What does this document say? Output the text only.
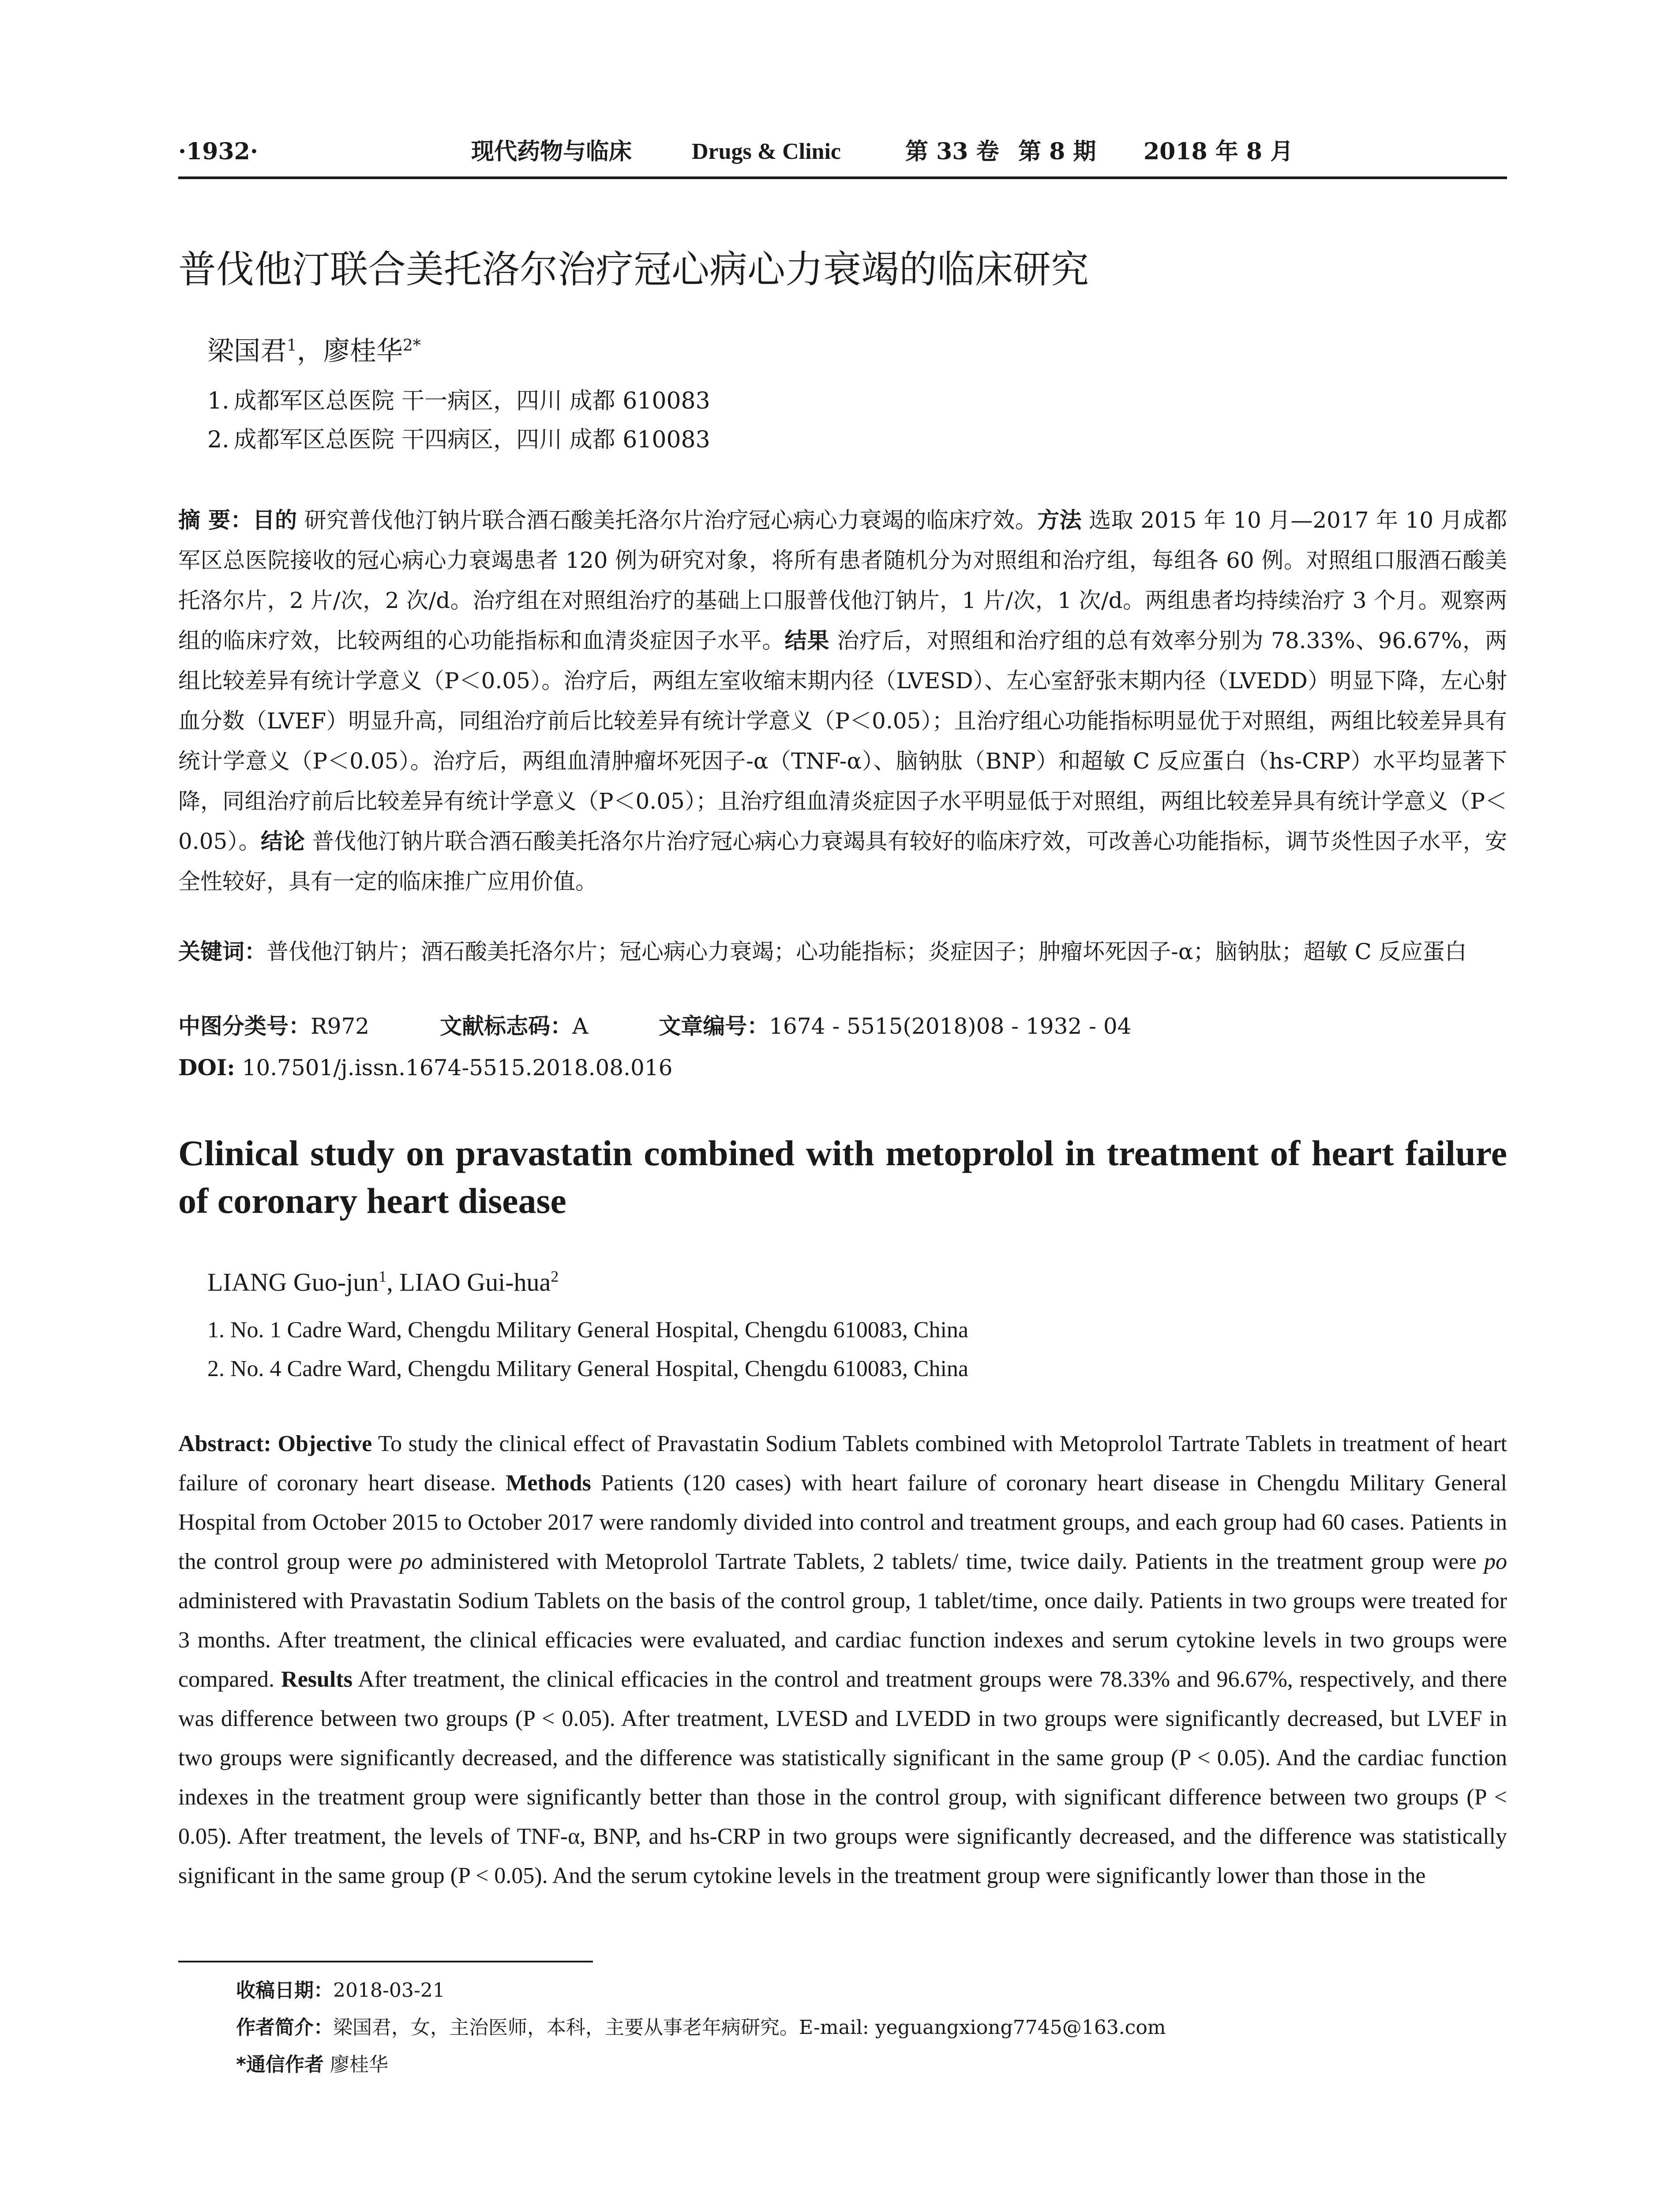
·1932·	现代药物与临床	Drugs & Clinic	第 33 卷 第 8 期 2018 年 8 月
普伐他汀联合美托洛尔治疗冠心病心力衰竭的临床研究
梁国君$^1$，廖桂华$^{2*}$
1. 成都军区总医院 干一病区，四川 成都 610083
2. 成都军区总医院 干四病区，四川 成都 610083
摘 要：目的 研究普伐他汀钠片联合酒石酸美托洛尔片治疗冠心病心力衰竭的临床疗效。方法 选取 2015 年 10 月—2017 年 10 月成都军区总医院接收的冠心病心力衰竭患者 120 例为研究对象，将所有患者随机分为对照组和治疗组，每组各 60 例。对照组口服酒石酸美托洛尔片，2 片/次，2 次/d。治疗组在对照组治疗的基础上口服普伐他汀钠片，1 片/次，1 次/d。两组患者均持续治疗 3 个月。观察两组的临床疗效，比较两组的心功能指标和血清炎症因子水平。结果 治疗后，对照组和治疗组的总有效率分别为 78.33%、96.67%，两组比较差异有统计学意义（P＜0.05）。治疗后，两组左室收缩末期内径（LVESD）、左心室舒张末期内径（LVEDD）明显下降，左心射血分数（LVEF）明显升高，同组治疗前后比较差异有统计学意义（P＜0.05）；且治疗组心功能指标明显优于对照组，两组比较差异具有统计学意义（P＜0.05）。治疗后，两组血清肿瘤坏死因子-α（TNF-α）、脑钠肽（BNP）和超敏 C 反应蛋白（hs-CRP）水平均显著下降，同组治疗前后比较差异有统计学意义（P＜0.05）；且治疗组血清炎症因子水平明显低于对照组，两组比较差异具有统计学意义（P＜0.05）。结论 普伐他汀钠片联合酒石酸美托洛尔片治疗冠心病心力衰竭具有较好的临床疗效，可改善心功能指标，调节炎性因子水平，安全性较好，具有一定的临床推广应用价值。
关键词：普伐他汀钠片；酒石酸美托洛尔片；冠心病心力衰竭；心功能指标；炎症因子；肿瘤坏死因子-α；脑钠肽；超敏 C 反应蛋白
中图分类号：R972	文献标志码：A	文章编号：1674 - 5515(2018)08 - 1932 - 04
DOI: 10.7501/j.issn.1674-5515.2018.08.016
Clinical study on pravastatin combined with metoprolol in treatment of heart failure of coronary heart disease
LIANG Guo-jun$^1$, LIAO Gui-hua$^2$
1. No. 1 Cadre Ward, Chengdu Military General Hospital, Chengdu 610083, China
2. No. 4 Cadre Ward, Chengdu Military General Hospital, Chengdu 610083, China
Abstract: Objective To study the clinical effect of Pravastatin Sodium Tablets combined with Metoprolol Tartrate Tablets in treatment of heart failure of coronary heart disease. Methods Patients (120 cases) with heart failure of coronary heart disease in Chengdu Military General Hospital from October 2015 to October 2017 were randomly divided into control and treatment groups, and each group had 60 cases. Patients in the control group were po administered with Metoprolol Tartrate Tablets, 2 tablets/ time, twice daily. Patients in the treatment group were po administered with Pravastatin Sodium Tablets on the basis of the control group, 1 tablet/time, once daily. Patients in two groups were treated for 3 months. After treatment, the clinical efficacies were evaluated, and cardiac function indexes and serum cytokine levels in two groups were compared. Results After treatment, the clinical efficacies in the control and treatment groups were 78.33% and 96.67%, respectively, and there was difference between two groups (P < 0.05). After treatment, LVESD and LVEDD in two groups were significantly decreased, but LVEF in two groups were significantly decreased, and the difference was statistically significant in the same group (P < 0.05). And the cardiac function indexes in the treatment group were significantly better than those in the control group, with significant difference between two groups (P < 0.05). After treatment, the levels of TNF-α, BNP, and hs-CRP in two groups were significantly decreased, and the difference was statistically significant in the same group (P < 0.05). And the serum cytokine levels in the treatment group were significantly lower than those in the
收稿日期：2018-03-21
作者简介：梁国君，女，主治医师，本科，主要从事老年病研究。E-mail: yeguangxiong7745@163.com
*通信作者 廖桂华
